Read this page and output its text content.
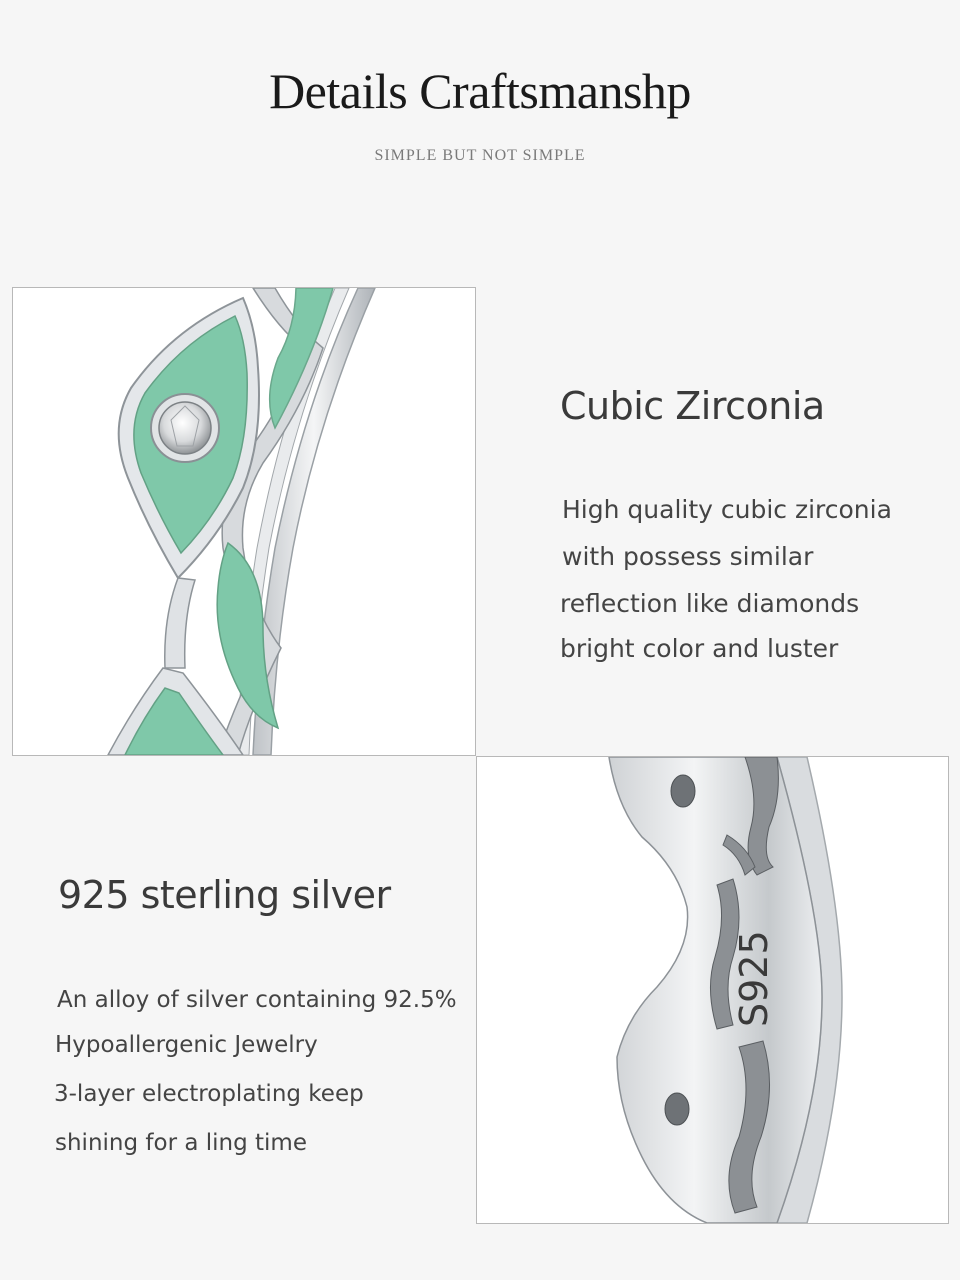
Details Craftsmanshp
SIMPLE BUT NOT SIMPLE
Cubic Zirconia
High quality cubic zirconia
with possess similar
reflection like diamonds
bright color and luster
S925
925 sterling silver
An alloy of silver containing 92.5%
Hypoallergenic Jewelry
3-layer electroplating keep
shining for a ling time
